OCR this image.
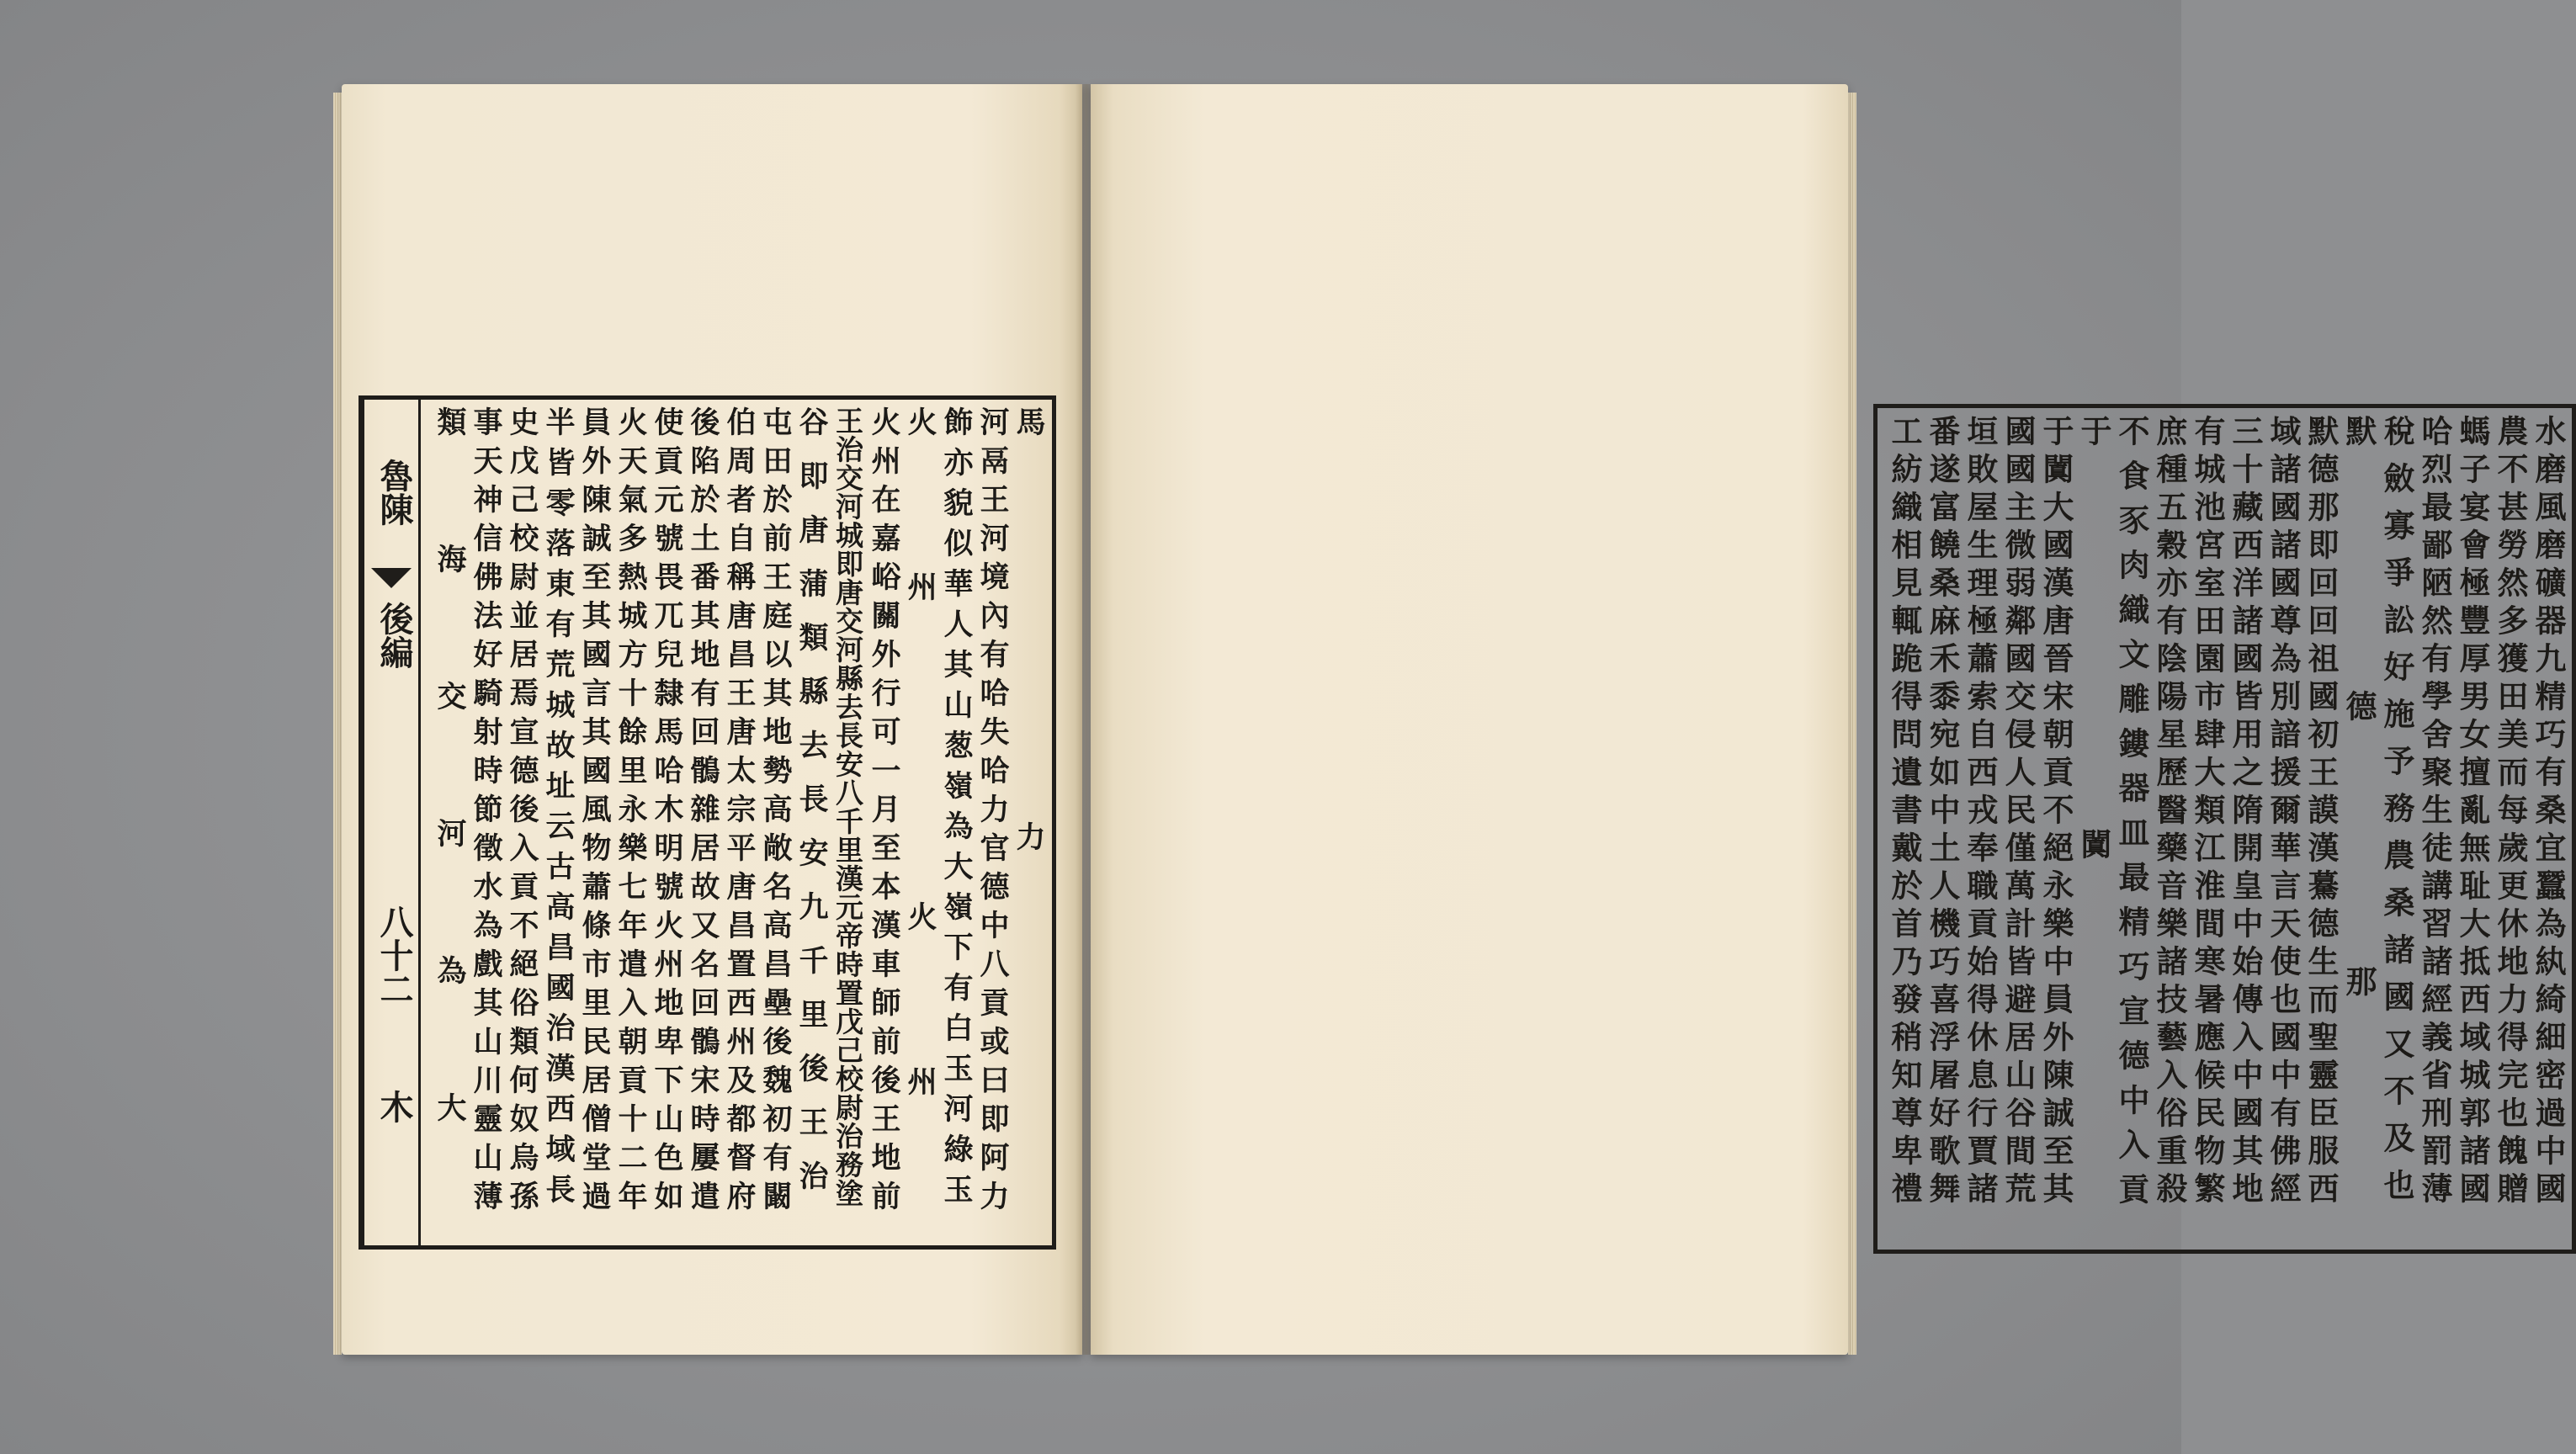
魯陳
後編
八十二
木	馬力
河鬲王河境內有哈失哈力官德中八貢或曰即阿力
飾亦貌似華人其山葱嶺為大嶺下有白玉河綠玉
火州　火州
火州在嘉峪關外行可一月至本漢車師前後王地前
王治交河城即唐交河縣去長安八千里漢元帝時置戊己校尉治務塗
谷即唐蒲類縣去長安九千里後王治
屯田於前王庭以其地勢高敞名高昌壘後魏初有闞
伯周者自稱唐昌王唐太宗平唐昌置西州及都督府
後陷於土番其地有回鶻雜居故又名回鶻宋時屢遣
使貢元號畏兀兒隸馬哈木明號火州地卑下山色如
火天氣多熱城方十餘里永樂七年遣入朝貢十二年
員外陳誠至其國言其國風物蕭條市里民居僧堂過
半皆零落東有荒城故址云古高昌國治漢西域長
史戊己校尉並居焉宣德後入貢不絕俗類何奴烏孫
事天神信佛法好騎射時節徵水為戲其山川靈山薄
類海交河為大	水磨風磨礦器九精巧有桑宜蠶為紈綺細密過中國
農不甚勞然多獲田美而每歲更休地力得完也餽贈
螞子宴會極豐厚男女擅亂無耻大抵西域城郭諸國
哈烈最鄙陋然有學舍聚生徒講習諸經義省刑罰薄
稅斂寡爭訟好施予務農桑諸國又不及也
默德那
默德那即回回祖國初王謨漢驀德生而聖靈臣服西
域諸國諸國尊為別諳援爾華言天使也國中有佛經
三十藏西洋諸國皆用之隋開皇中始傳入中國其地
有城池宮室田園市肆大類江淮間寒暑應候民物繁
庶種五穀亦有陰陽星歷醫藥音樂諸技藝入俗重殺
不食豕肉織文雕鏤器皿最精巧宣德中入貢
于闐
于闐大國漢唐晉宋朝貢不絕永樂中員外陳誠至其
國國主微弱鄰國交侵人民僅萬計皆避居山谷間荒
垣敗屋生理極蕭索自西戎奉職貢始得休息行賈諸
番遂富饒桑麻禾黍宛如中土人機巧喜浮屠好歌舞
工紡織相見輒跪得問遺書戴於首乃發稍知尊卑禮
